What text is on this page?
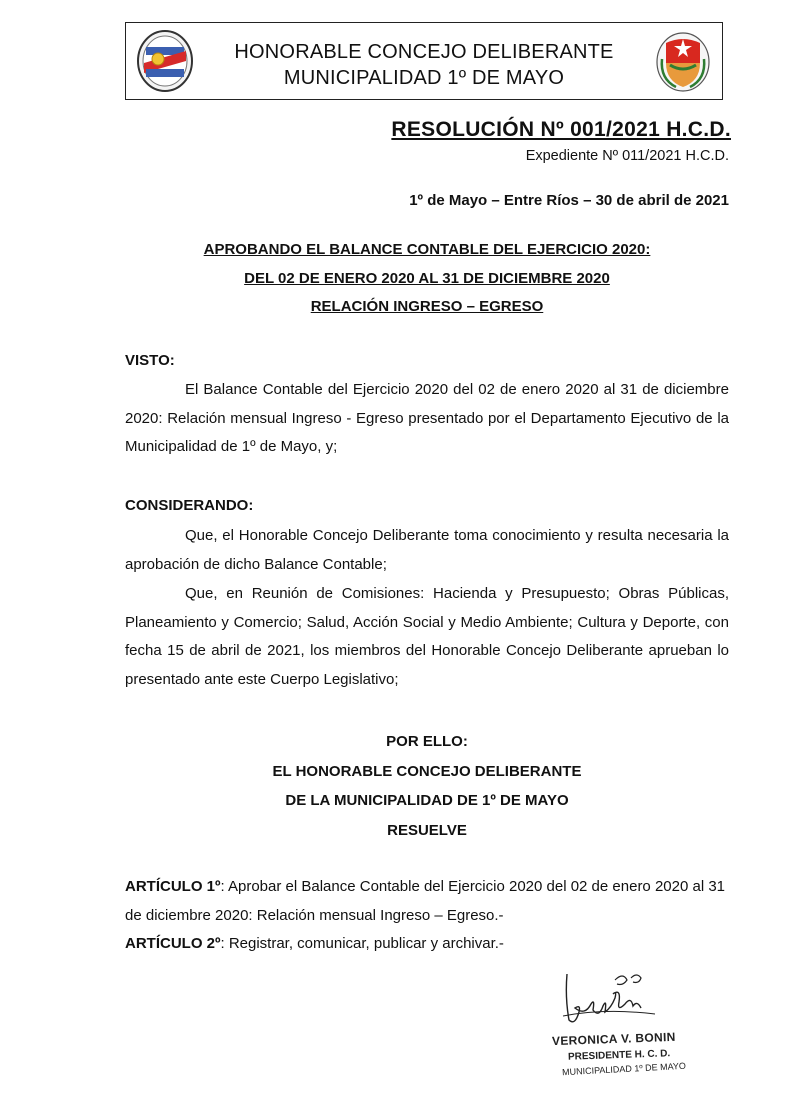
HONORABLE CONCEJO DELIBERANTE
MUNICIPALIDAD 1º DE MAYO
RESOLUCIÓN Nº 001/2021 H.C.D.
Expediente Nº 011/2021 H.C.D.
1º de Mayo – Entre Ríos – 30 de abril de 2021
APROBANDO EL BALANCE CONTABLE DEL EJERCICIO 2020:
DEL 02 DE ENERO 2020 AL 31 DE DICIEMBRE 2020
RELACIÓN INGRESO – EGRESO
VISTO:

El Balance Contable del Ejercicio 2020 del 02 de enero 2020 al 31 de diciembre 2020: Relación mensual Ingreso - Egreso presentado por el Departamento Ejecutivo de la Municipalidad de 1º de Mayo, y;

CONSIDERANDO:

Que, el Honorable Concejo Deliberante toma conocimiento y resulta necesaria la aprobación de dicho Balance Contable;

Que, en Reunión de Comisiones: Hacienda y Presupuesto; Obras Públicas, Planeamiento y Comercio; Salud, Acción Social y Medio Ambiente; Cultura y Deporte, con fecha 15 de abril de 2021, los miembros del Honorable Concejo Deliberante aprueban lo presentado ante este Cuerpo Legislativo;

POR ELLO:
EL HONORABLE CONCEJO DELIBERANTE
DE LA MUNICIPALIDAD DE 1º DE MAYO
RESUELVE

ARTÍCULO 1º: Aprobar el Balance Contable del Ejercicio 2020 del 02 de enero 2020 al 31 de diciembre 2020: Relación mensual Ingreso – Egreso.-

ARTÍCULO 2º: Registrar, comunicar, publicar y archivar.-

VERONICA V. BONIN
PRESIDENTE H. C. D.
MUNICIPALIDAD 1º DE MAYO
